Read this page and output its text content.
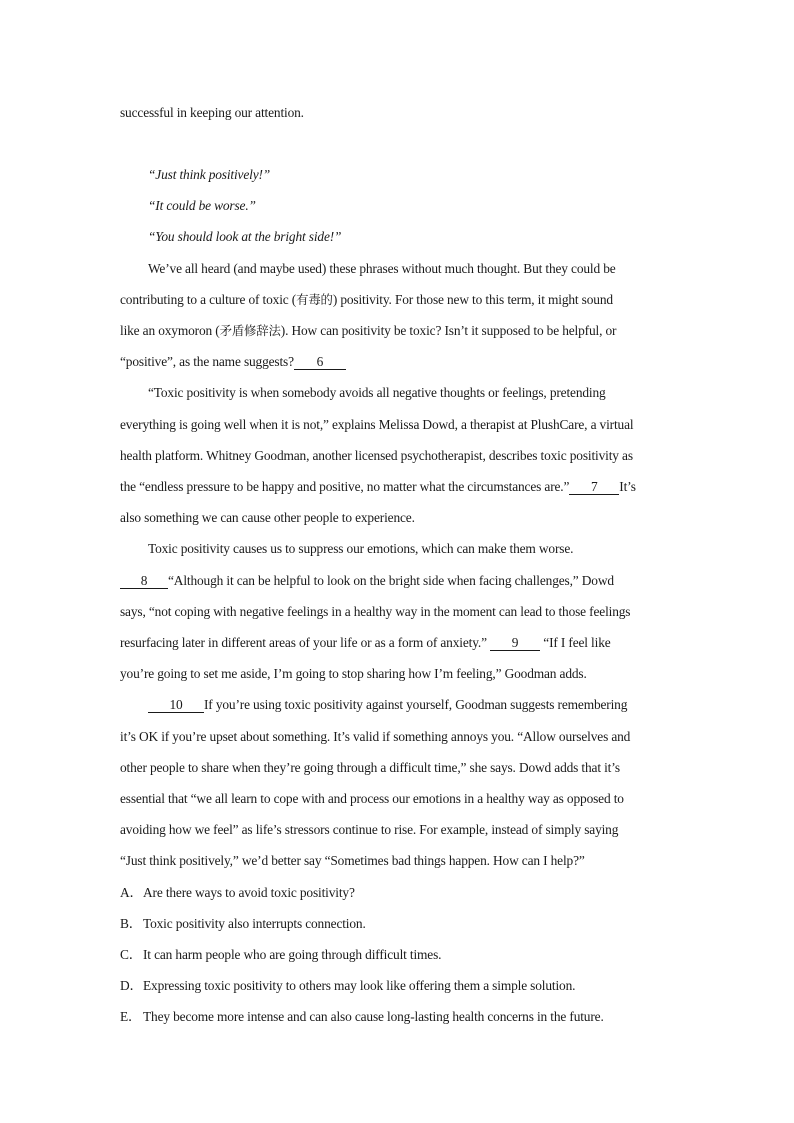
successful in keeping our attention.
“Just think positively!”
“It could be worse.”
“You should look at the bright side!”
We’ve all heard (and maybe used) these phrases without much thought. But they could be
contributing to a culture of toxic (有毒的) positivity. For those new to this term, it might sound
like an oxymoron (矛盾修辞法). How can positivity be toxic? Isn’t it supposed to be helpful, or
“positive”, as the name suggests? 6
“Toxic positivity is when somebody avoids all negative thoughts or feelings, pretending
everything is going well when it is not,” explains Melissa Dowd, a therapist at PlushCare, a virtual
health platform. Whitney Goodman, another licensed psychotherapist, describes toxic positivity as
the “endless pressure to be happy and positive, no matter what the circumstances are.” 7 It’s
also something we can cause other people to experience.
Toxic positivity causes us to suppress our emotions, which can make them worse.
8 “Although it can be helpful to look on the bright side when facing challenges,” Dowd
says, “not coping with negative feelings in a healthy way in the moment can lead to those feelings
resurfacing later in different areas of your life or as a form of anxiety.” 9 “If I feel like
you’re going to set me aside, I’m going to stop sharing how I’m feeling,” Goodman adds.
10 If you’re using toxic positivity against yourself, Goodman suggests remembering
it’s OK if you’re upset about something. It’s valid if something annoys you. “Allow ourselves and
other people to share when they’re going through a difficult time,” she says. Dowd adds that it’s
essential that “we all learn to cope with and process our emotions in a healthy way as opposed to
avoiding how we feel” as life’s stressors continue to rise. For example, instead of simply saying
“Just think positively,” we’d better say “Sometimes bad things happen. How can I help?”
A．Are there ways to avoid toxic positivity?
B．Toxic positivity also interrupts connection.
C．It can harm people who are going through difficult times.
D．Expressing toxic positivity to others may look like offering them a simple solution.
E． They become more intense and can also cause long-lasting health concerns in the future.
